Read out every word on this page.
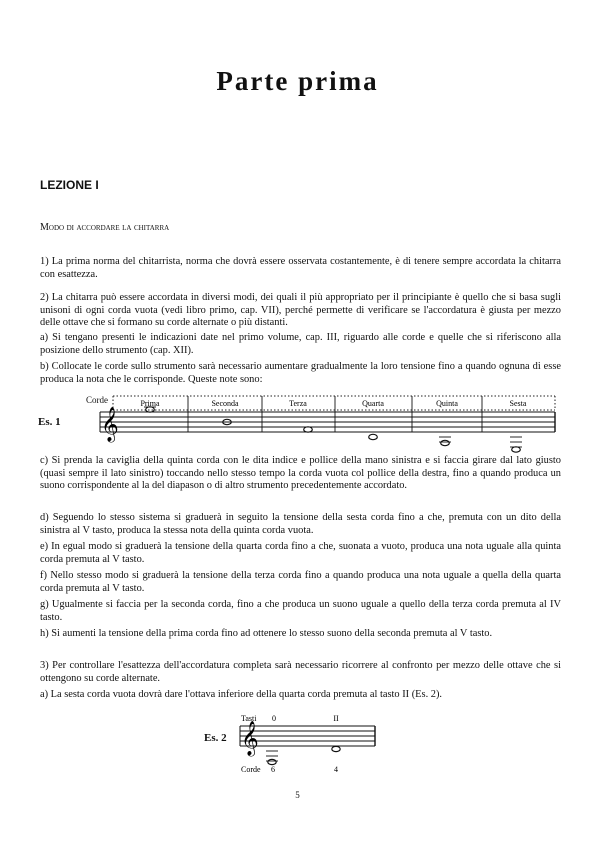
Parte prima
LEZIONE I

Modo di accordare la chitarra

1) La prima norma del chitarrista, norma che dovrà essere osservata costantemente, è di tenere sempre accordata la chitarra con esattezza.

2) La chitarra può essere accordata in diversi modi, dei quali il più appropriato per il principiante è quello che si basa sugli unisoni di ogni corda vuota (vedi libro primo, cap. VII), perché permette di verificare se l'accordatura è giusta per mezzo delle ottave che si formano su corde alternate o più distanti.

a) Si tengano presenti le indicazioni date nel primo volume, cap. III, riguardo alle corde e quelle che si riferiscono alla posizione dello strumento (cap. XII).

b) Collocate le corde sullo strumento sarà necessario aumentare gradualmente la loro tensione fino a quando ognuna di esse produca la nota che le corrisponde. Queste note sono:

Es. 1
Corde
𝄞
Prima	Seconda	Terza	Quarta	Quinta	Sesta

c) Si prenda la caviglia della quinta corda con le dita indice e pollice della mano sinistra e si faccia girare dal lato giusto (quasi sempre il lato sinistro) toccando nello stesso tempo la corda vuota col pollice della destra, fino a quando produca un suono corrispondente al la del diapason o di altro strumento precedentemente accordato.

d) Seguendo lo stesso sistema si graduerà in seguito la tensione della sesta corda fino a che, premuta con un dito della sinistra al V tasto, produca la stessa nota della quinta corda vuota.

e) In egual modo si graduerà la tensione della quarta corda fino a che, suonata a vuoto, produca una nota uguale alla quinta corda premuta al V tasto.

f) Nello stesso modo si graduerà la tensione della terza corda fino a quando produca una nota uguale a quella della quarta corda premuta al V tasto.

g) Ugualmente si faccia per la seconda corda, fino a che produca un suono uguale a quello della terza corda premuta al IV tasto.

h) Si aumenti la tensione della prima corda fino ad ottenere lo stesso suono della seconda premuta al V tasto.

3) Per controllare l'esattezza dell'accordatura completa sarà necessario ricorrere al confronto per mezzo delle ottave che si ottengono su corde alternate.

a) La sesta corda vuota dovrà dare l'ottava inferiore della quarta corda premuta al tasto II (Es. 2).

Es. 2 𝄞
Tasti 0	II
Corde 6	4

5
